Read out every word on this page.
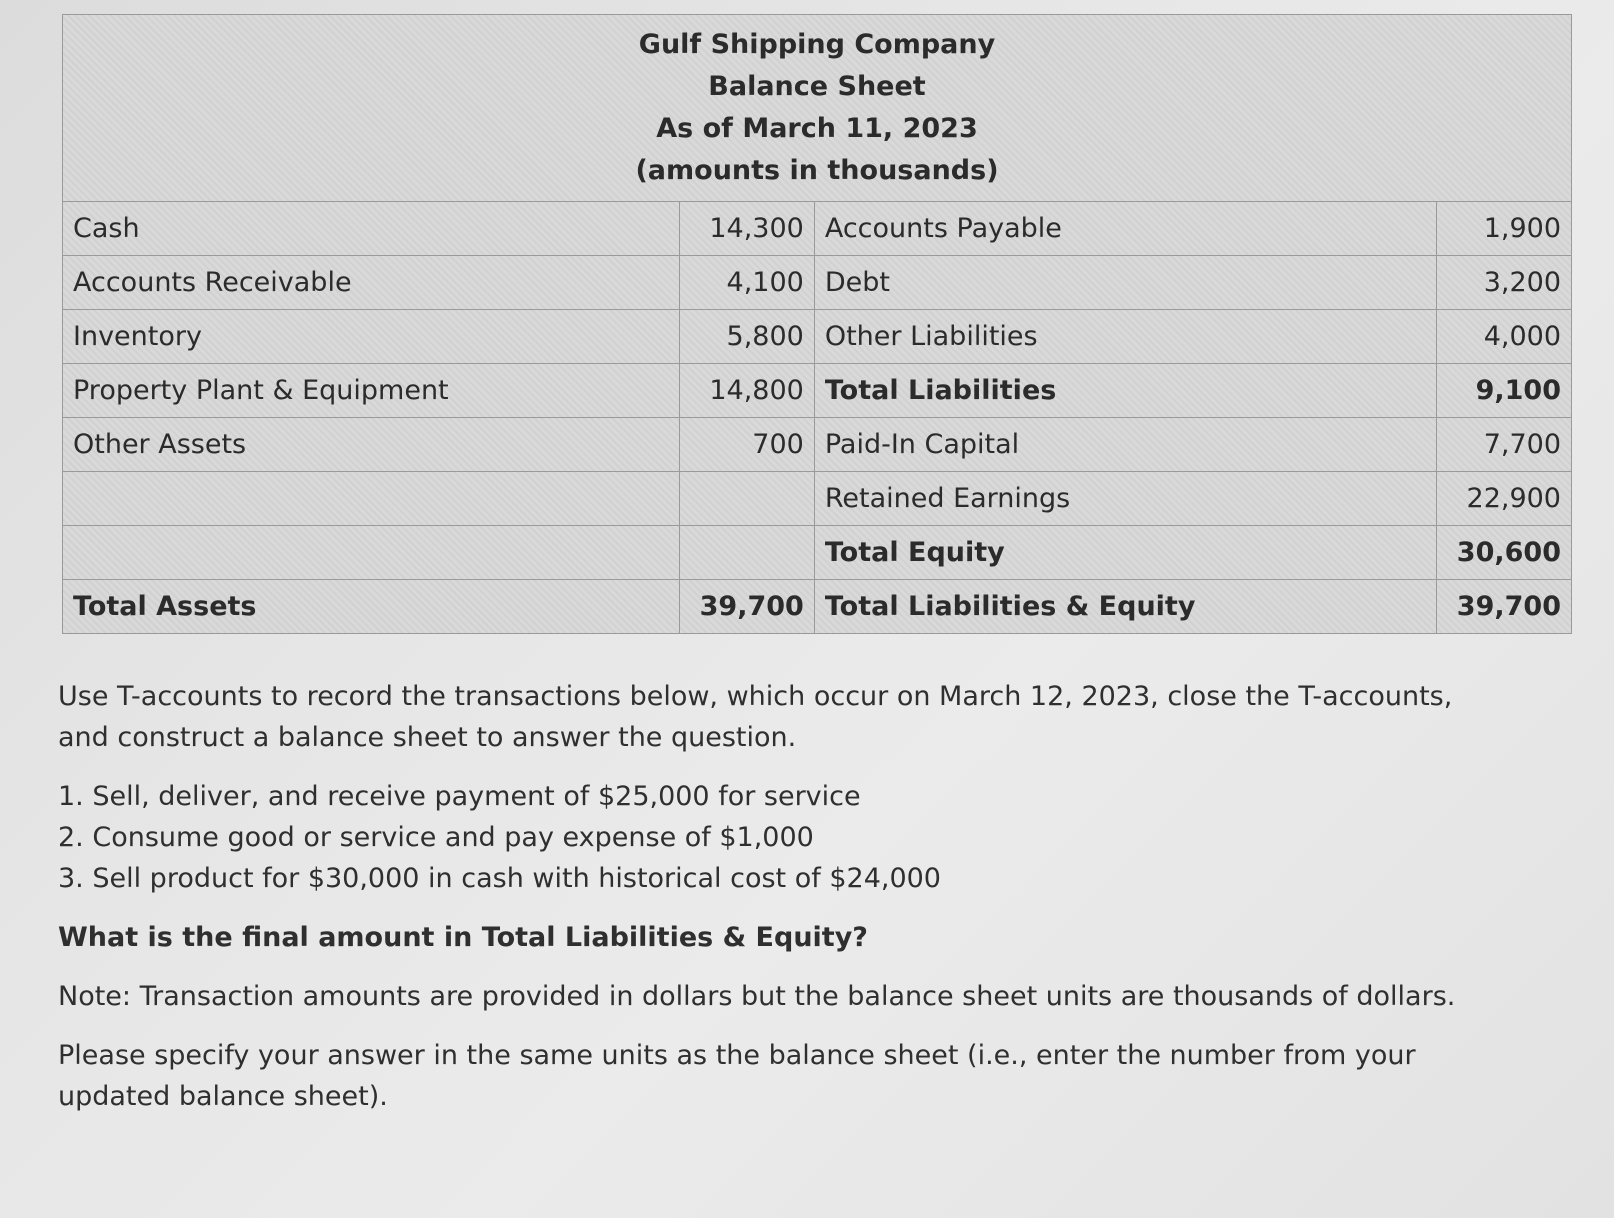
Gulf Shipping Company
Balance Sheet
As of March 11, 2023
(amounts in thousands)			

Cash	14,300	Accounts Payable	1,900
Accounts Receivable	4,100	Debt	3,200
Inventory	5,800	Other Liabilities	4,000
Property Plant & Equipment	14,800	Total Liabilities	9,100
Other Assets	700	Paid-In Capital	7,700
		Retained Earnings	22,900
		Total Equity	30,600
Total Assets	39,700	Total Liabilities & Equity	39,700

Use T-accounts to record the transactions below, which occur on March 12, 2023, close the T-accounts, and construct a balance sheet to answer the question.

1. Sell, deliver, and receive payment of $25,000 for service
2. Consume good or service and pay expense of $1,000
3. Sell product for $30,000 in cash with historical cost of $24,000

What is the final amount in Total Liabilities & Equity?

Note: Transaction amounts are provided in dollars but the balance sheet units are thousands of dollars.

Please specify your answer in the same units as the balance sheet (i.e., enter the number from your updated balance sheet).
